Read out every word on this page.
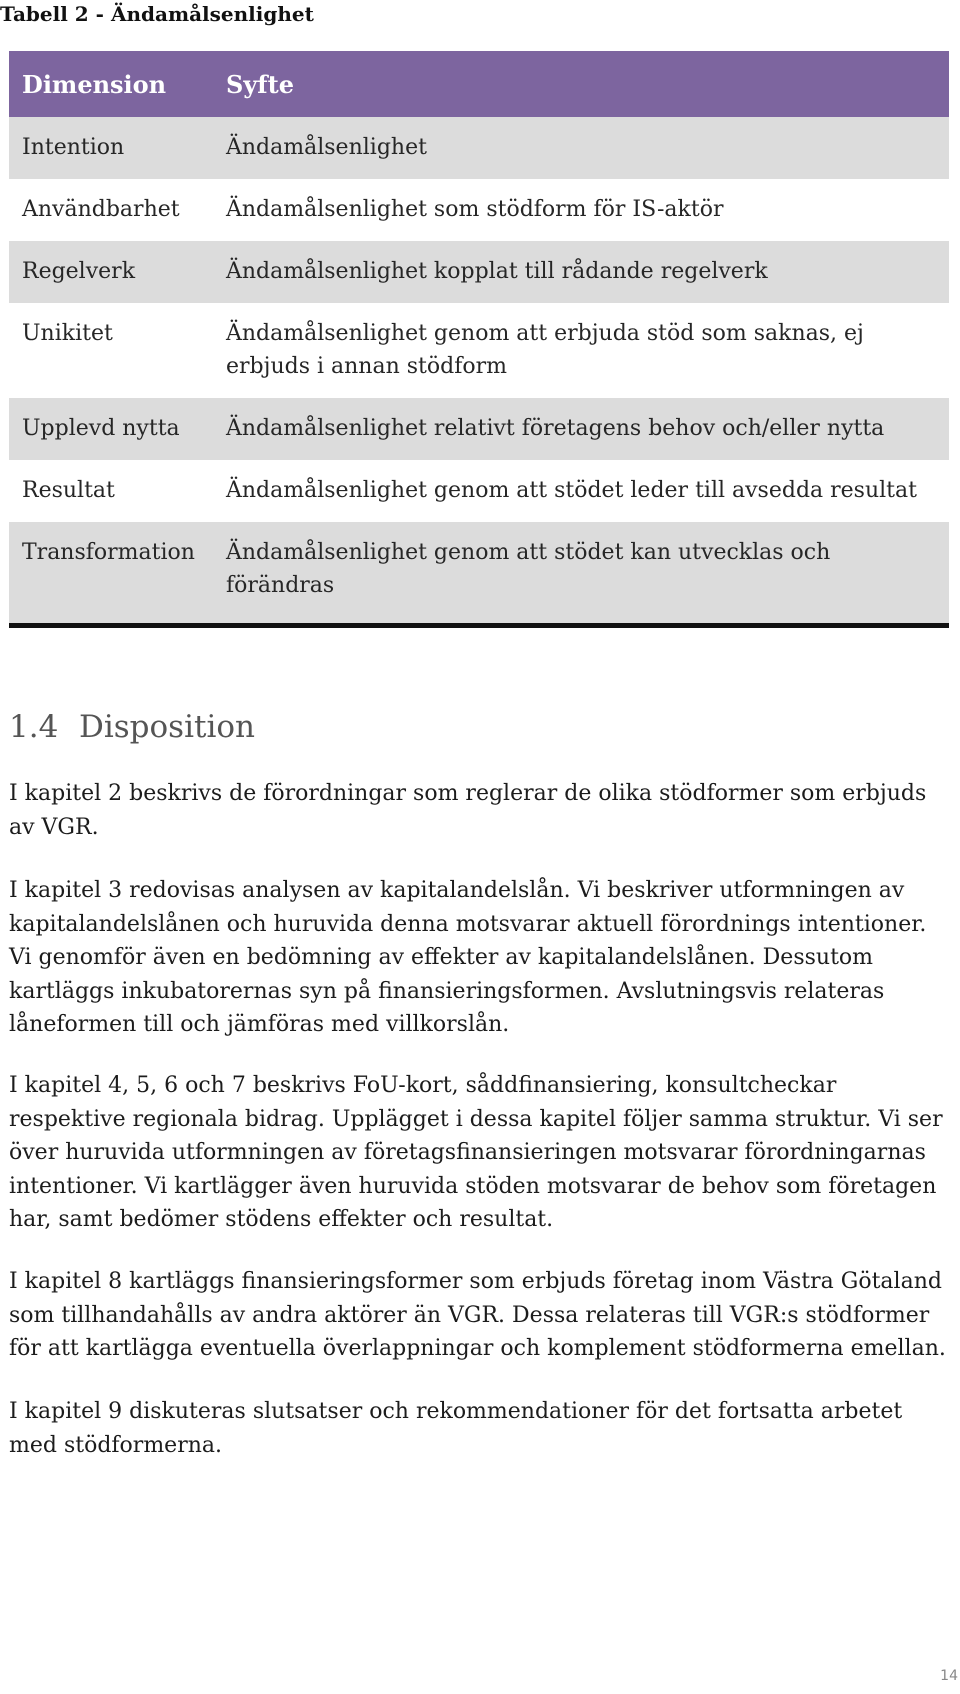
Tabell 2 - Ändamålsenlighet
Dimension	Syfte
Intention	Ändamålsenlighet
Användbarhet	Ändamålsenlighet som stödform för IS-aktör
Regelverk	Ändamålsenlighet kopplat till rådande regelverk
Unikitet	Ändamålsenlighet genom att erbjuda stöd som saknas, ej erbjuds i annan stödform
Upplevd nytta	Ändamålsenlighet relativt företagens behov och/eller nytta
Resultat	Ändamålsenlighet genom att stödet leder till avsedda resultat
Transformation	Ändamålsenlighet genom att stödet kan utvecklas och förändras
1.4 Disposition

I kapitel 2 beskrivs de förordningar som reglerar de olika stödformer som erbjuds av VGR.

I kapitel 3 redovisas analysen av kapitalandelslån. Vi beskriver utformningen av kapitalandelslånen och huruvida denna motsvarar aktuell förordnings intentioner. Vi genomför även en bedömning av effekter av kapitalandelslånen. Dessutom kartläggs inkubatorernas syn på finansieringsformen. Avslutningsvis relateras låneformen till och jämföras med villkorslån.

I kapitel 4, 5, 6 och 7 beskrivs FoU-kort, såddfinansiering, konsultcheckar respektive regionala bidrag. Upplägget i dessa kapitel följer samma struktur. Vi ser över huruvida utformningen av företagsfinansieringen motsvarar förordningarnas intentioner. Vi kartlägger även huruvida stöden motsvarar de behov som företagen har, samt bedömer stödens effekter och resultat.

I kapitel 8 kartläggs finansieringsformer som erbjuds företag inom Västra Götaland som tillhandahålls av andra aktörer än VGR. Dessa relateras till VGR:s stödformer för att kartlägga eventuella överlappningar och komplement stödformerna emellan.

I kapitel 9 diskuteras slutsatser och rekommendationer för det fortsatta arbetet med stödformerna.

14
